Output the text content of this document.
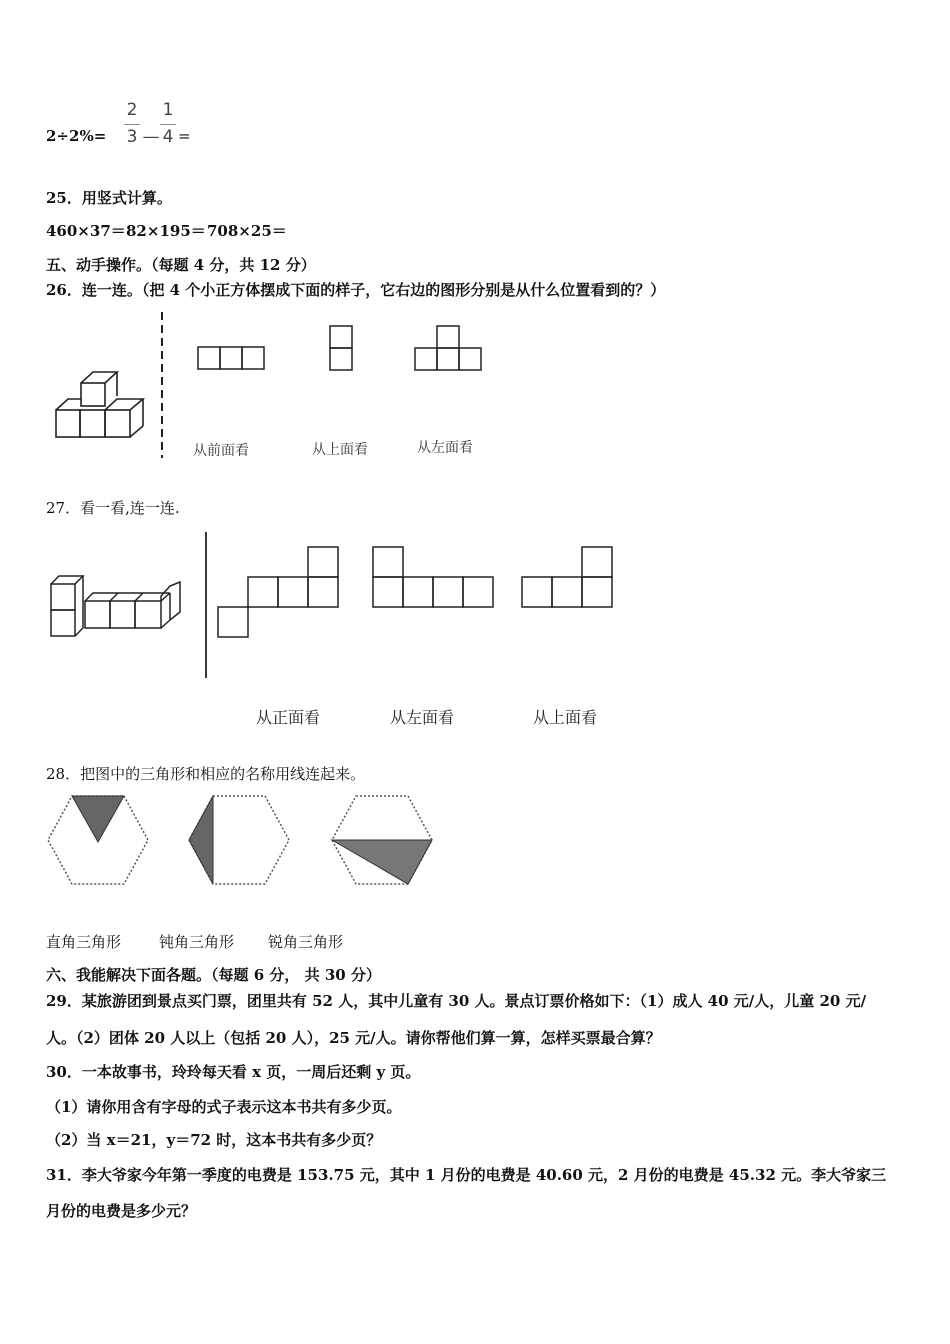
2÷2%=
2
3 —
1
4 =
25．用竖式计算。
460×37＝ 82×195＝ 708×25＝
五、动手操作。（每题 4 分，共 12 分）
26．连一连。（把 4 个小正方体摆成下面的样子，它右边的图形分别是从什么位置看到的？）
从前面看	从上面看	从左面看
27．看一看,连一连.
从正面看	从左面看	从上面看
28．把图中的三角形和相应的名称用线连起来。
直角三角形	钝角三角形 锐角三角形
六、我能解决下面各题。（每题 6 分， 共 30 分）
29．某旅游团到景点买门票，团里共有 52 人，其中儿童有 30 人。景点订票价格如下：（1）成人 40 元/人，儿童 20 元/
人。（2）团体 20 人以上（包括 20 人），25 元/人。请你帮他们算一算，怎样买票最合算？
30．一本故事书，玲玲每天看 x 页，一周后还剩 y 页。
（1）请你用含有字母的式子表示这本书共有多少页。
（2）当 x＝21，y＝72 时，这本书共有多少页？
31．李大爷家今年第一季度的电费是 153.75 元，其中 1 月份的电费是 40.60 元，2 月份的电费是 45.32 元。李大爷家三
月份的电费是多少元？
